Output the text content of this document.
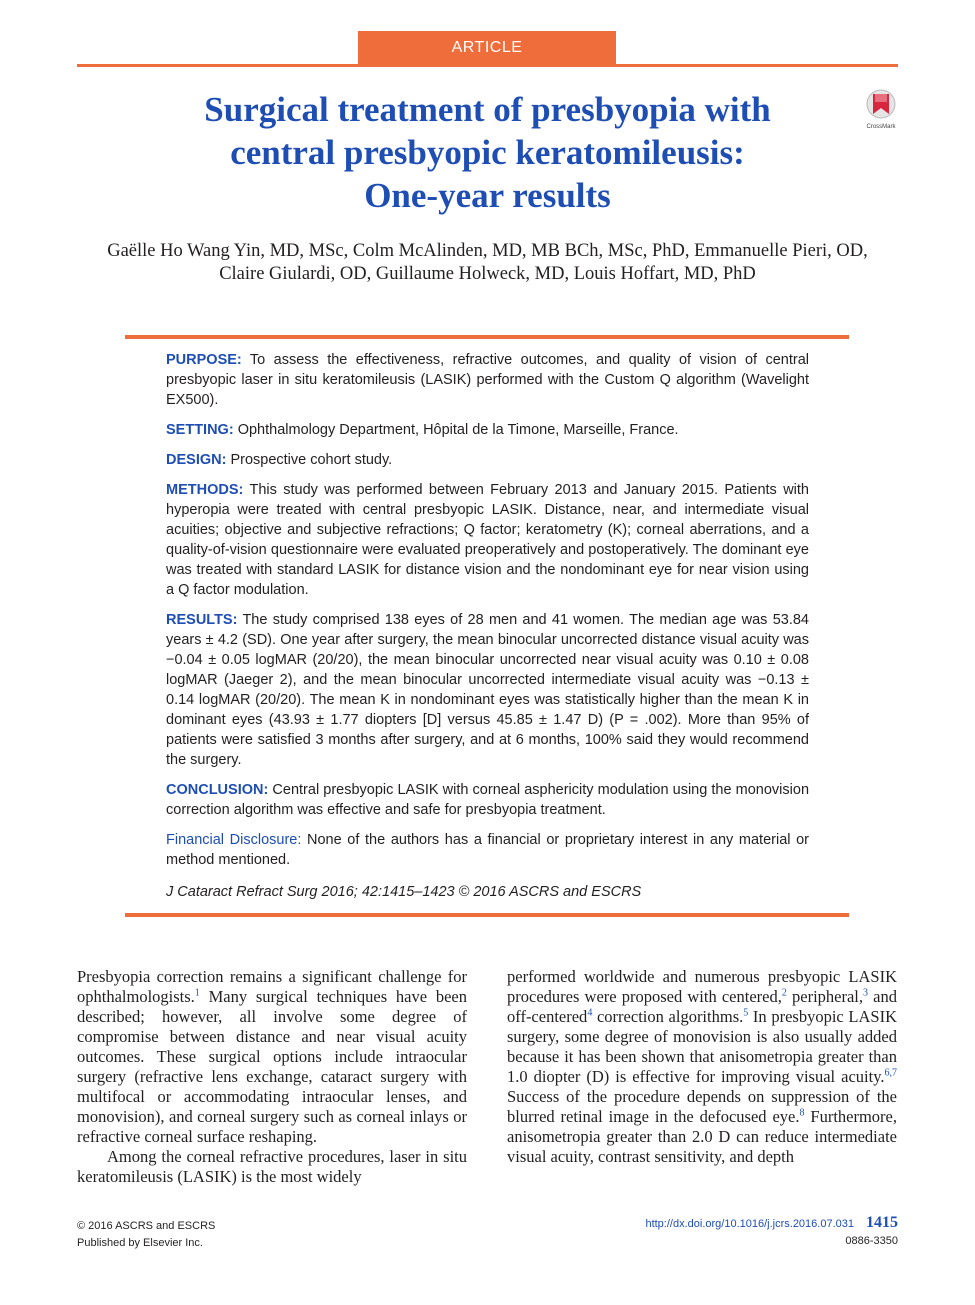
ARTICLE
CrossMark
Surgical treatment of presbyopia with
central presbyopic keratomileusis:
One-year results
Gaëlle Ho Wang Yin, MD, MSc, Colm McAlinden, MD, MB BCh, MSc, PhD, Emmanuelle Pieri, OD,
Claire Giulardi, OD, Guillaume Holweck, MD, Louis Hoffart, MD, PhD

PURPOSE: To assess the effectiveness, refractive outcomes, and quality of vision of central presbyopic laser in situ keratomileusis (LASIK) performed with the Custom Q algorithm (Wavelight EX500).

SETTING: Ophthalmology Department, Hôpital de la Timone, Marseille, France.

DESIGN: Prospective cohort study.

METHODS: This study was performed between February 2013 and January 2015. Patients with hyperopia were treated with central presbyopic LASIK. Distance, near, and intermediate visual acuities; objective and subjective refractions; Q factor; keratometry (K); corneal aberrations, and a quality-of-vision questionnaire were evaluated preoperatively and postoperatively. The dominant eye was treated with standard LASIK for distance vision and the nondominant eye for near vision using a Q factor modulation.

RESULTS: The study comprised 138 eyes of 28 men and 41 women. The median age was 53.84 years ± 4.2 (SD). One year after surgery, the mean binocular uncorrected distance visual acuity was −0.04 ± 0.05 logMAR (20/20), the mean binocular uncorrected near visual acuity was 0.10 ± 0.08 logMAR (Jaeger 2), and the mean binocular uncorrected intermediate visual acuity was −0.13 ± 0.14 logMAR (20/20). The mean K in nondominant eyes was statistically higher than the mean K in dominant eyes (43.93 ± 1.77 diopters [D] versus 45.85 ± 1.47 D) (P = .002). More than 95% of patients were satisfied 3 months after surgery, and at 6 months, 100% said they would recommend the surgery.

CONCLUSION: Central presbyopic LASIK with corneal asphericity modulation using the monovision correction algorithm was effective and safe for presbyopia treatment.

Financial Disclosure: None of the authors has a financial or proprietary interest in any material or method mentioned.

J Cataract Refract Surg 2016; 42:1415–1423 © 2016 ASCRS and ESCRS

Presbyopia correction remains a significant challenge for ophthalmologists.$^1$ Many surgical techniques have been described; however, all involve some degree of compromise between distance and near visual acuity outcomes. These surgical options include intraocular surgery (refractive lens exchange, cataract surgery with multifocal or accommodating intraocular lenses, and monovision), and corneal surgery such as corneal inlays or refractive corneal surface reshaping.

Among the corneal refractive procedures, laser in situ keratomileusis (LASIK) is the most widely

performed worldwide and numerous presbyopic LASIK procedures were proposed with centered,$^2$ peripheral,$^3$ and off-centered$^4$ correction algorithms.$^5$ In presbyopic LASIK surgery, some degree of monovision is also usually added because it has been shown that anisometropia greater than 1.0 diopter (D) is effective for improving visual acuity.$^{6,7}$ Success of the procedure depends on suppression of the blurred retinal image in the defocused eye.$^8$ Furthermore, anisometropia greater than 2.0 D can reduce intermediate visual acuity, contrast sensitivity, and depth

© 2016 ASCRS and ESCRS
Published by Elsevier Inc.
http://dx.doi.org/10.1016/j.jcrs.2016.07.031 1415
0886-3350
